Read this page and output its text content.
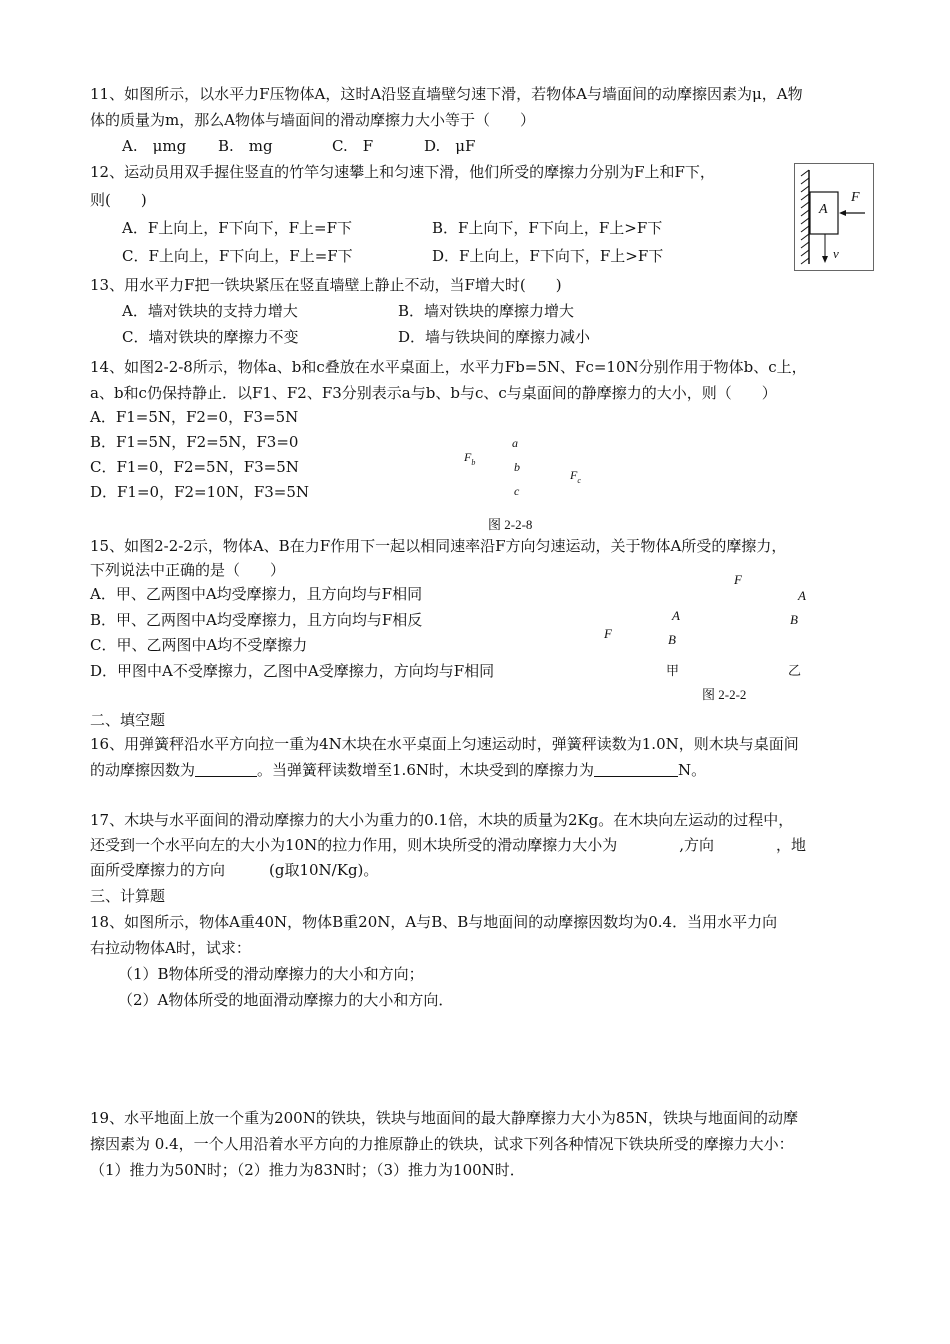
11、如图所示，以水平力F压物体A，这时A沿竖直墙壁匀速下滑，若物体A与墙面间的动摩擦因素为μ，A物
体的质量为m，那么A物体与墙面间的滑动摩擦力大小等于（　　）
A.　μmg B.　mg	C.　F	D.　μF
A
F
v
12、运动员用双手握住竖直的竹竿匀速攀上和匀速下滑，他们所受的摩擦力分别为F上和F下，
则(　　)
A．F上向上，F下向下，F上=F下	B．F上向下，F下向上，F上>F下
C．F上向上，F下向上，F上=F下	D．F上向上，F下向下，F上>F下
13、用水平力F把一铁块紧压在竖直墙壁上静止不动，当F增大时(　　)
A．墙对铁块的支持力增大	B．墙对铁块的摩擦力增大
C．墙对铁块的摩擦力不变	D．墙与铁块间的摩擦力减小
14、如图2-2-8所示，物体a、b和c叠放在水平桌面上，水平力Fb=5N、Fc=10N分别作用于物体b、c上，
a、b和c仍保持静止．以F1、F2、F3分别表示a与b、b与c、c与桌面间的静摩擦力的大小，则（　　）
A．F1=5N，F2=0，F3=5N
B．F1=5N，F2=5N，F3=0
C．F1=0，F2=5N，F3=5N
D．F1=0，F2=10N，F3=5N
a
$F_b$	b
$F_c$
c
图 2-2-8
15、如图2-2-2示，物体A、B在力F作用下一起以相同速率沿F方向匀速运动，关于物体A所受的摩擦力，
下列说法中正确的是（　　）
A．甲、乙两图中A均受摩擦力，且方向均与F相同
B．甲、乙两图中A均受摩擦力，且方向均与F相反
C．甲、乙两图中A均不受摩擦力
D．甲图中A不受摩擦力，乙图中A受摩擦力，方向均与F相同
F
A
A	B
F	B
甲	乙
图 2-2-2
二、填空题
16、用弹簧秤沿水平方向拉一重为4N木块在水平桌面上匀速运动时，弹簧秤读数为1.0N，则木块与桌面间
的动摩擦因数为	。当弹簧秤读数增至1.6N时，木块受到的摩擦力为	N。
17、木块与水平面间的滑动摩擦力的大小为重力的0.1倍，木块的质量为2Kg。在木块向左运动的过程中，
还受到一个水平向左的大小为10N的拉力作用，则木块所受的滑动摩擦力大小为	,方向	，地
面所受摩擦力的方向	(g取10N/Kg)。
三、计算题
18、如图所示，物体A重40N，物体B重20N，A与B、B与地面间的动摩擦因数均为0.4．当用水平力向
右拉动物体A时，试求：
（1）B物体所受的滑动摩擦力的大小和方向；
（2）A物体所受的地面滑动摩擦力的大小和方向．
19、水平地面上放一个重为200N的铁块，铁块与地面间的最大静摩擦力大小为85N，铁块与地面间的动摩
擦因素为 0.4，一个人用沿着水平方向的力推原静止的铁块，试求下列各种情况下铁块所受的摩擦力大小：
（1）推力为50N时；（2）推力为83N时；（3）推力为100N时．
